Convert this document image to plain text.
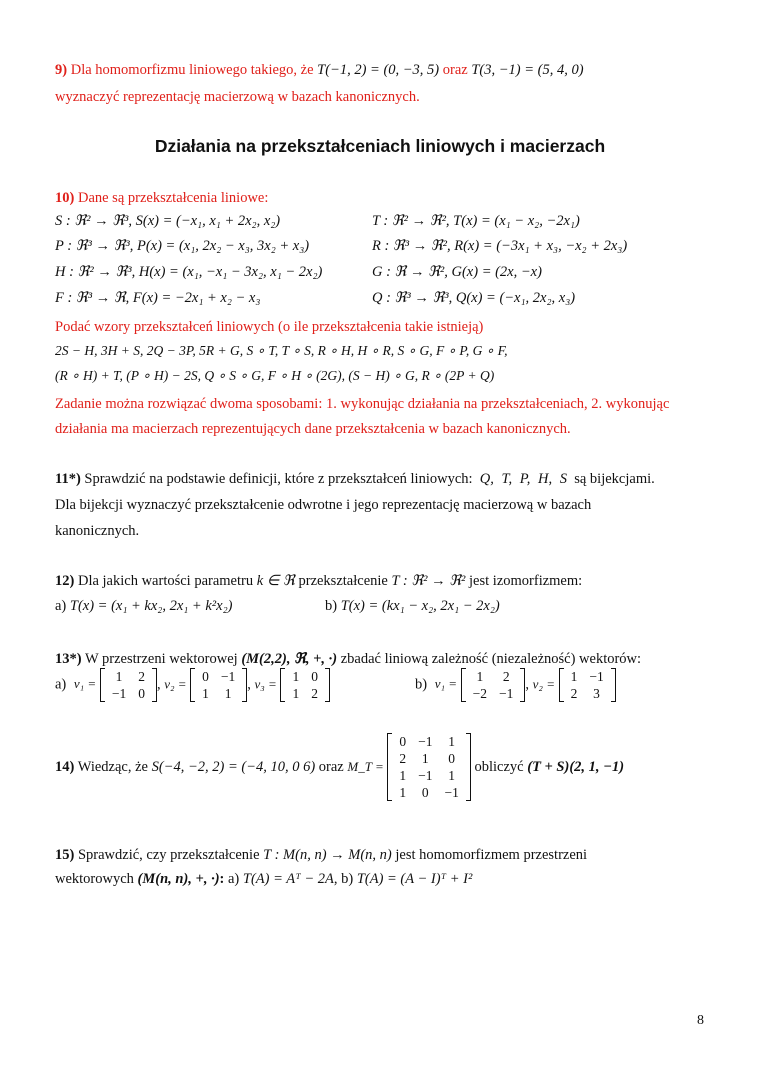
9) Dla homomorfizmu liniowego takiego, że T(−1, 2) = (0, −3, 5) oraz T(3, −1) = (5, 4, 0)
wyznaczyć reprezentację macierzową w bazach kanonicznych.
Działania na przekształceniach liniowych i macierzach
10) Dane są przekształcenia liniowe:
S : ℜ² → ℜ³, S(x) = (−x₁, x₁ + 2x₂, x₂)	T : ℜ² → ℜ², T(x) = (x₁ − x₂, −2x₁)
P : ℜ³ → ℜ³, P(x) = (x₁, 2x₂ − x₃, 3x₂ + x₃)	R : ℜ³ → ℜ², R(x) = (−3x₁ + x₃, −x₂ + 2x₃)
H : ℜ² → ℜ³, H(x) = (x₁, −x₁ − 3x₂, x₁ − 2x₂)	G : ℜ → ℜ², G(x) = (2x, −x)
F : ℜ³ → ℜ, F(x) = −2x₁ + x₂ − x₃	Q : ℜ³ → ℜ³, Q(x) = (−x₁, 2x₂, x₃)
Podać wzory przekształceń liniowych (o ile przekształcenia takie istnieją)
2S − H, 3H + S, 2Q − 3P, 5R + G, S ∘ T, T ∘ S, R ∘ H, H ∘ R, S ∘ G, F ∘ P, G ∘ F,
(R ∘ H) + T, (P ∘ H) − 2S, Q ∘ S ∘ G, F ∘ H ∘ (2G), (S − H) ∘ G, R ∘ (2P + Q)
Zadanie można rozwiązać dwoma sposobami: 1. wykonując działania na przekształceniach, 2. wykonując
działania ma macierzach reprezentujących dane przekształcenia w bazach kanonicznych.
11*) Sprawdzić na podstawie definicji, które z przekształceń liniowych: Q, T, P, H, S są bijekcjami.
Dla bijekcji wyznaczyć przekształcenie odwrotne i jego reprezentację macierzową w bazach
kanonicznych.
12) Dla jakich wartości parametru k ∈ ℜ przekształcenie T : ℜ² → ℜ² jest izomorfizmem:
a) T(x) = (x₁ + kx₂, 2x₁ + k²x₂)	b) T(x) = (kx₁ − x₂, 2x₁ − 2x₂)
13*) W przestrzeni wektorowej (M(2,2), ℜ, +, ·) zbadać liniową zależność (niezależność) wektorów:
a) v₁ = 1	2
−1	0
, v₂ = 0	−1
1	1
, v₃ = 1	0
1	2
b) v₁ = 1	2
−2	−1
, v₂ = 1	−1
2	3
14) Wiedząc, że S(−4, −2, 2) = (−4, 10, 0 6) oraz M_T =
0	−1	1
2	1	0
1	−1	1
1	0	−1
obliczyć (T + S)(2, 1, −1)
15) Sprawdzić, czy przekształcenie T : M(n, n) → M(n, n) jest homomorfizmem przestrzeni
wektorowych (M(n, n), +, ·): a) T(A) = Aᵀ − 2A, b) T(A) = (A − I)ᵀ + I²
8
